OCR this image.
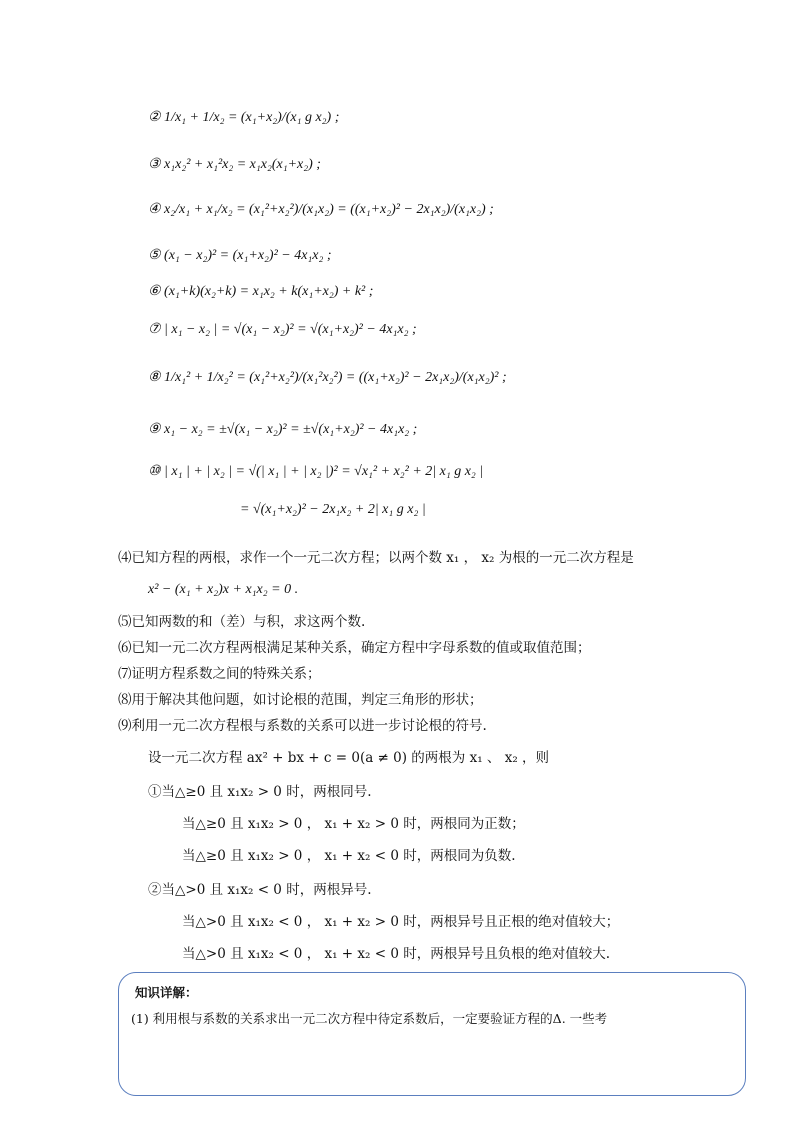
② 1/x₁ + 1/x₂ = (x₁+x₂)/(x₁ g x₂) ;
③ x₁x₂² + x₁²x₂ = x₁x₂(x₁+x₂) ;
④ x₂/x₁ + x₁/x₂ = (x₁²+x₂²)/(x₁x₂) = ((x₁+x₂)² − 2x₁x₂)/(x₁x₂) ;
⑤ (x₁ − x₂)² = (x₁+x₂)² − 4x₁x₂ ;
⑥ (x₁+k)(x₂+k) = x₁x₂ + k(x₁+x₂) + k² ;
⑦ | x₁ − x₂ | = √(x₁ − x₂)² = √(x₁+x₂)² − 4x₁x₂ ;
⑧ 1/x₁² + 1/x₂² = (x₁²+x₂²)/(x₁²x₂²) = ((x₁+x₂)² − 2x₁x₂)/(x₁x₂)² ;
⑨ x₁ − x₂ = ±√(x₁ − x₂)² = ±√(x₁+x₂)² − 4x₁x₂ ;
⑩ | x₁ | + | x₂ | = √(| x₁ | + | x₂ |)² = √x₁² + x₂² + 2| x₁ g x₂ |
= √(x₁+x₂)² − 2x₁x₂ + 2| x₁ g x₂ |
⑷已知方程的两根，求作一个一元二次方程；以两个数 x₁ ， x₂ 为根的一元二次方程是
x² − (x₁ + x₂)x + x₁x₂ = 0 .
⑸已知两数的和（差）与积，求这两个数.
⑹已知一元二次方程两根满足某种关系，确定方程中字母系数的值或取值范围；
⑺证明方程系数之间的特殊关系；
⑻用于解决其他问题，如讨论根的范围，判定三角形的形状；
⑼利用一元二次方程根与系数的关系可以进一步讨论根的符号.
设一元二次方程 ax² + bx + c = 0(a ≠ 0) 的两根为 x₁ 、 x₂ ，则
①当△≥0 且 x₁x₂ > 0 时，两根同号.
当△≥0 且 x₁x₂ > 0 ， x₁ + x₂ > 0 时，两根同为正数；
当△≥0 且 x₁x₂ > 0 ， x₁ + x₂ < 0 时，两根同为负数.
②当△>0 且 x₁x₂ < 0 时，两根异号.
当△>0 且 x₁x₂ < 0 ， x₁ + x₂ > 0 时，两根异号且正根的绝对值较大；
当△>0 且 x₁x₂ < 0 ， x₁ + x₂ < 0 时，两根异号且负根的绝对值较大.
知识详解：
(1) 利用根与系数的关系求出一元二次方程中待定系数后，一定要验证方程的Δ. 一些考
